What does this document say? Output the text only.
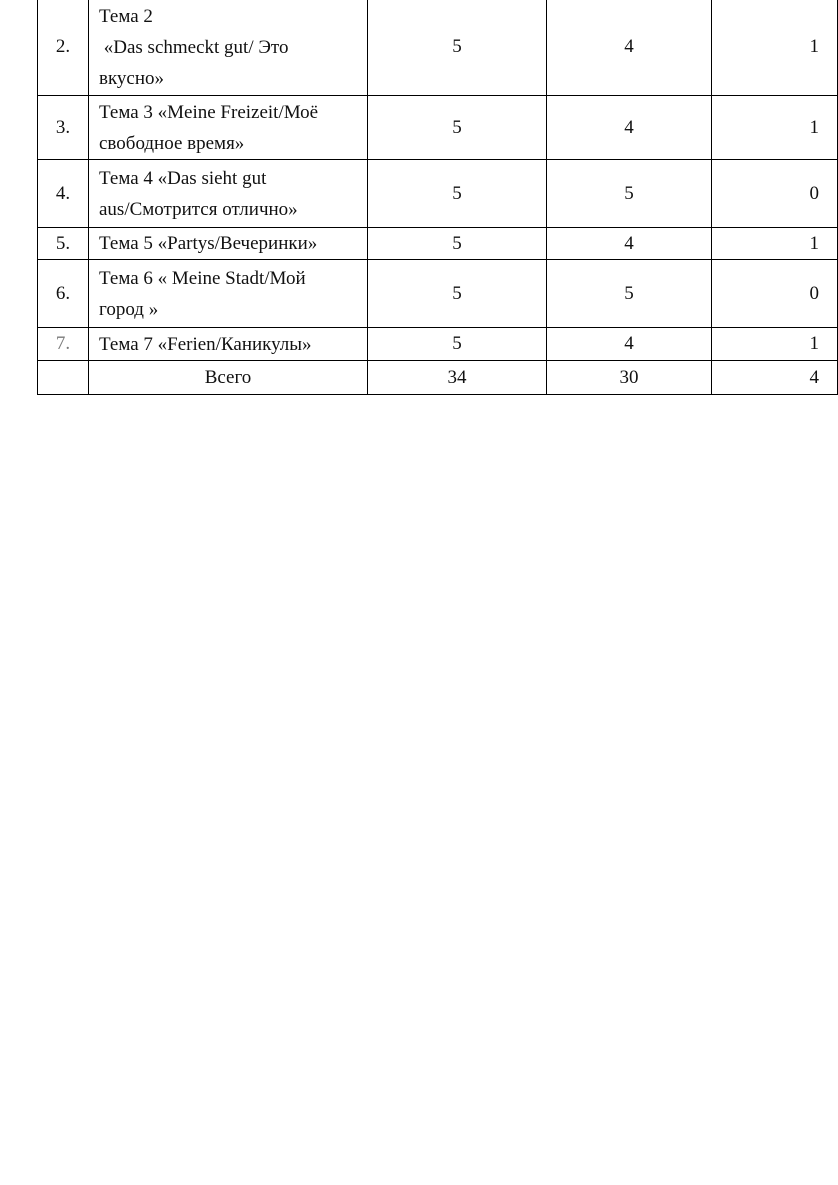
2.	Тема 2
«Das schmeckt gut/ Это
вкусно»	5	4	1
3.	Тема 3 «Meine Freizeit/Моё
свободное время»	5	4	1
4.	Тема 4 «Das sieht gut
aus/Смотрится отлично»	5	5	0
5.	Тема 5 «Partys/Вечеринки»	5	4	1
6.	Тема 6 « Meine Stadt/Мой
город »	5	5	0
7.	Тема 7 «Ferien/Каникулы»	5	4	1
	Всего	34	30	4
